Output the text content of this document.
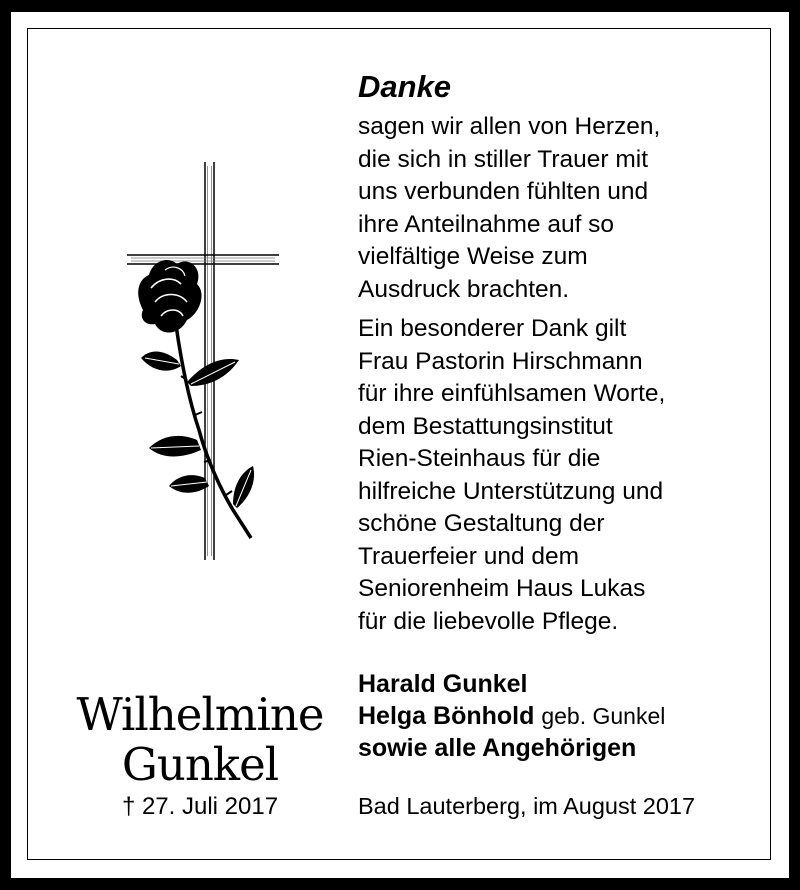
Danke

sagen wir allen von Herzen,

die sich in stiller Trauer mit

uns verbunden fühlten und

ihre Anteilnahme auf so

vielfältige Weise zum

Ausdruck brachten.

Ein besonderer Dank gilt

Frau Pastorin Hirschmann

für ihre einfühlsamen Worte,

dem Bestattungsinstitut

Rien-Steinhaus für die

hilfreiche Unterstützung und

schöne Gestaltung der

Trauerfeier und dem

Seniorenheim Haus Lukas

für die liebevolle Pflege.

Harald Gunkel
Helga Bönhold geb. Gunkel
sowie alle Angehörigen
Bad Lauterberg, im August 2017
Wilhelmine
Gunkel
† 27. Juli 2017
